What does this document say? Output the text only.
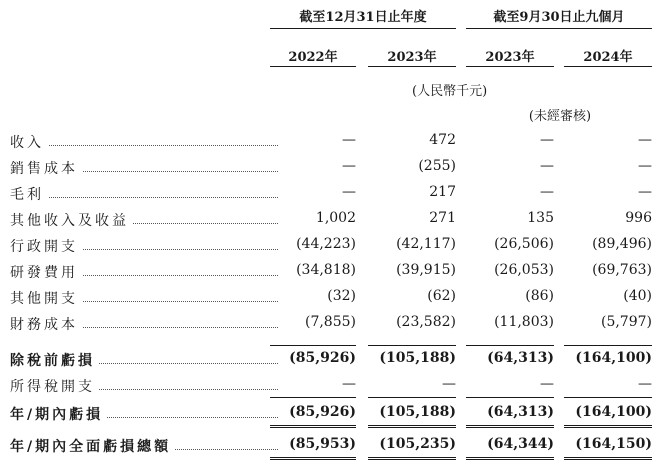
截至12月31日止年度	截至9月30日止九個月
2022年	2023年	2023年	2024年
(人民幣千元)
(未經審核)
收入	—	472	—	—
銷售成本	—	(255)	—	—
毛利	—	217	—	—
其他收入及收益	1,002	271	135	996
行政開支	(44,223)	(42,117)	(26,506)	(89,496)
研發費用	(34,818)	(39,915)	(26,053)	(69,763)
其他開支	(32)	(62)	(86)	(40)
財務成本	(7,855)	(23,582)	(11,803)	(5,797)
除稅前虧損	(85,926)	(105,188)	(64,313)	(164,100)
所得稅開支	—	—	—	—
年/期內虧損	(85,926)	(105,188)	(64,313)	(164,100)
年/期內全面虧損總額	(85,953)	(105,235)	(64,344)	(164,150)
